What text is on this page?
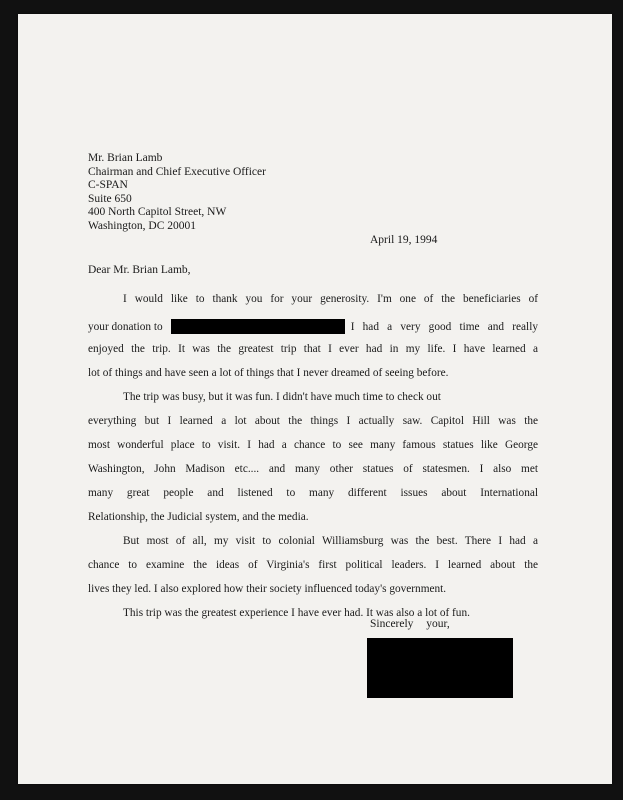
Mr. Brian Lamb
Chairman and Chief Executive Officer
C-SPAN
Suite 650
400 North Capitol Street, NW
Washington, DC 20001
April 19, 1994
Dear Mr. Brian Lamb,
I would like to thank you for your generosity. I'm one of the beneficiaries of
your donation to	I had a very good time and really
enjoyed the trip. It was the greatest trip that I ever had in my life. I have learned a
lot of things and have seen a lot of things that I never dreamed of seeing before.
The trip was busy, but it was fun. I didn't have much time to check out
everything but I learned a lot about the things I actually saw. Capitol Hill was the
most wonderful place to visit. I had a chance to see many famous statues like George
Washington, John Madison etc.... and many other statues of statesmen. I also met
many great people and listened to many different issues about International
Relationship, the Judicial system, and the media.
But most of all, my visit to colonial Williamsburg was the best. There I had a
chance to examine the ideas of Virginia's first political leaders. I learned about the
lives they led. I also explored how their society influenced today's government.
This trip was the greatest experience I have ever had. It was also a lot of fun.
Sincerely your,
